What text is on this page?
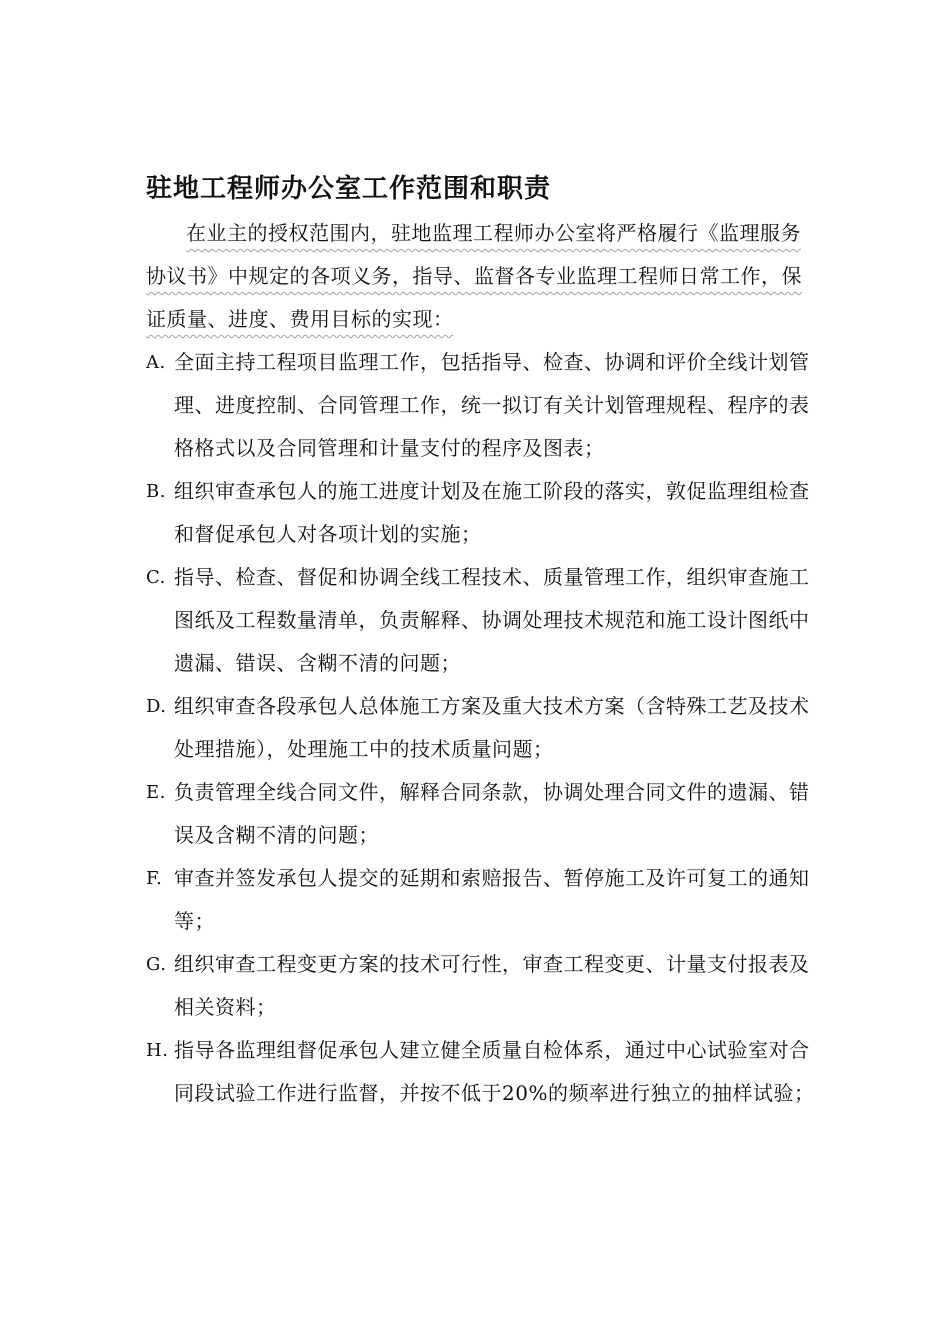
驻地工程师办公室工作范围和职责

在业主的授权范围内，驻地监理工程师办公室将严格履行《监理服务协议书》中规定的各项义务，指导、监督各专业监理工程师日常工作，保证质量、进度、费用目标的实现：

A. 全面主持工程项目监理工作，包括指导、检查、协调和评价全线计划管理、进度控制、合同管理工作，统一拟订有关计划管理规程、程序的表格格式以及合同管理和计量支付的程序及图表；
B. 组织审查承包人的施工进度计划及在施工阶段的落实，敦促监理组检查和督促承包人对各项计划的实施；
C. 指导、检查、督促和协调全线工程技术、质量管理工作，组织审查施工图纸及工程数量清单，负责解释、协调处理技术规范和施工设计图纸中遗漏、错误、含糊不清的问题；
D. 组织审查各段承包人总体施工方案及重大技术方案（含特殊工艺及技术处理措施），处理施工中的技术质量问题；
E. 负责管理全线合同文件，解释合同条款，协调处理合同文件的遗漏、错误及含糊不清的问题；
F. 审查并签发承包人提交的延期和索赔报告、暂停施工及许可复工的通知等；
G. 组织审查工程变更方案的技术可行性，审查工程变更、计量支付报表及相关资料；
H. 指导各监理组督促承包人建立健全质量自检体系，通过中心试验室对合同段试验工作进行监督，并按不低于20%的频率进行独立的抽样试验；
